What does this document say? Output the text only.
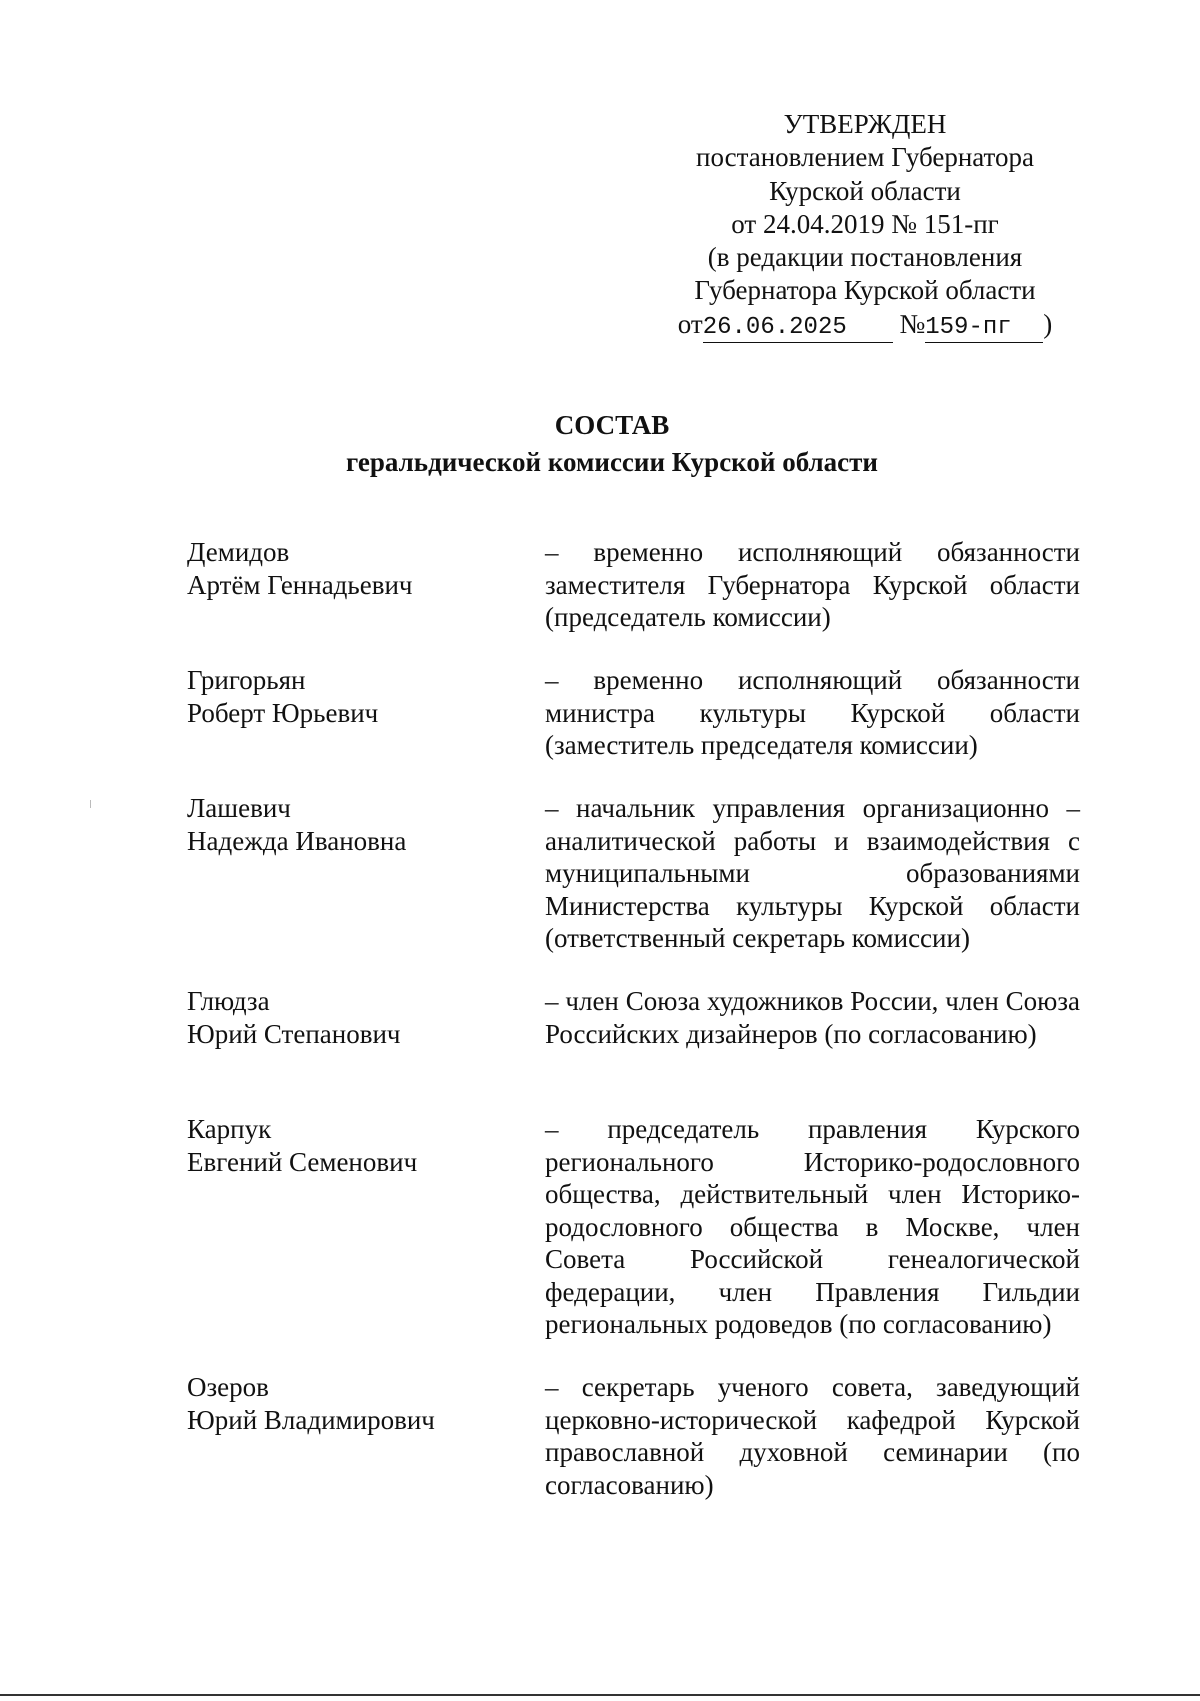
УТВЕРЖДЕН
постановлением Губернатора
Курской области
от 24.04.2019 № 151-пг
(в редакции постановления
Губернатора Курской области
от26.06.2025 №159-пг )
СОСТАВ
геральдической комиссии Курской области
Демидов
Артём Геннадьевич
– временно исполняющий обязанности заместителя Губернатора Курской области (председатель комиссии)
Григорьян
Роберт Юрьевич
– временно исполняющий обязанности министра культуры Курской области (заместитель председателя комиссии)
Лашевич
Надежда Ивановна
– начальник управления организационно – аналитической работы и взаимодействия с муниципальными образованиями Министерства культуры Курской области (ответственный секретарь комиссии)
Глюдза
Юрий Степанович
– член Союза художников России, член Союза Российских дизайнеров (по согласованию)
Карпук
Евгений Семенович
– председатель правления Курского регионального Историко-родословного общества, действительный член Историко-родословного общества в Москве, член Совета Российской генеалогической федерации, член Правления Гильдии региональных родоведов (по согласованию)
Озеров
Юрий Владимирович
– секретарь ученого совета, заведующий церковно-исторической кафедрой Курской православной духовной семинарии (по согласованию)
